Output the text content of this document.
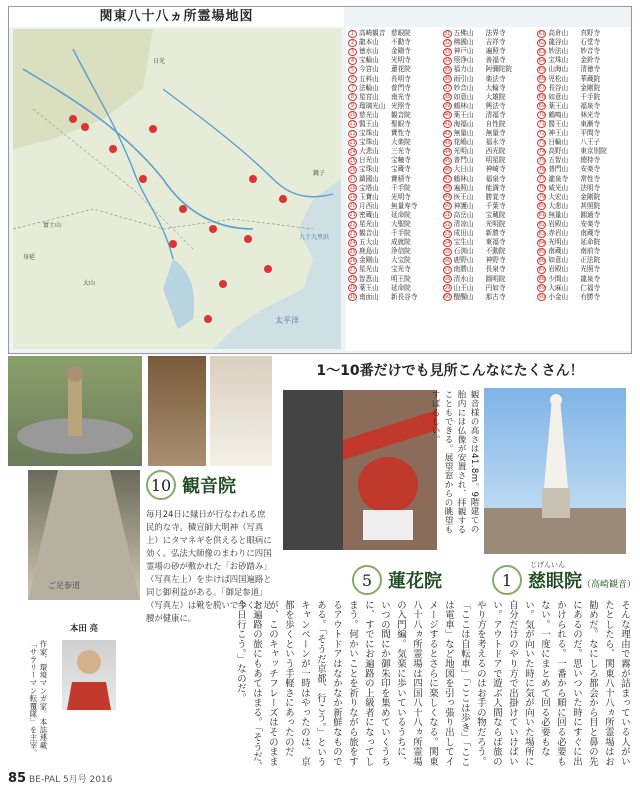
関東八十八ヵ所霊場地図
太平洋
九十九里浜
銚子
日光
大山
身延
富士山
1 高崎観音 慈眼院
2 龍本山	不動寺
3 徳水山	金剛寺
4 宝輪山	光明寺
5 今宮山	蓮花院
6 五料山	長明寺
7 法輪山	普門寺
8 星宮山	南光寺
9 瑠璃光山 光照寺
10 慈光山	観音院
11 醫王山	聖眼寺
12 宝珠山	寶性寺
13 宝珠山	大楽院
14 大悲山	三光寺
15 日光山	宝幢寺
16 宝珠山	宝蔵寺
17 鎮國山	寶積寺
18 宝塔山	千手院
19 玉寶山	光明寺
20 月西山	無量寿寺
21 密蔵山	延命院
22 星光山	大聖院
23 観音山	千手院
24 五大山	成就院
25 鹿島山	浄信院
26 金剛山	大宝院
27 星光山	宝光寺
28 智恵山	明王院
29 薬王山	延命院
30 南面山	新長谷寺
31 五佛山	法界寺
32 佛國山	吉祥寺
33 神戸山	遍照寺
34 照浄山	善福寺
35 福力山	阿彌陀院
36 雨引山	楽法寺
37 妙音山	大輪寺
38 如意山	大雄院
39 鶴林山	興法寺
40 薬王山	清福寺
41 海福山	自性院
42 無量山	無量寺
43 花嶋山	福永寺
44 光明山	西光院
45 普門山	明星院
46 大日山	神崎寺
47 鶴林山	福泉寺
48 遍照山	能満寺
49 医王山	勝覚寺
50 神護山	千葉寺
51 高岳山	宝蔵院
52 清凉山	光明院
53 成田山	新勝寺
54 宝生山	東福寺
55 石渕山	不動院
56 鹿野山	神野寺
57 南勝山	長泉寺
58 清水山	圓明院
59 山王山	円如寺
60 醍醐山	那古寺
61 高倉山	真野寺
62 龍谷山	石堂寺
63 妙法山	妙音寺
64 宝珠山	金鈴寺
65 山海山	清徳寺
66 児松山	華蔵院
67 長谷山	金剛院
68 如意山	千手院
69 薬王山	福泉寺
70 鶴鳴山	林光寺
71 醫王山	東漸寺
72 神王山	平間寺
73 日輪山	八王子
74 高野山	東京別院
75 五智山	總持寺
76 普門山	安楽寺
77 瀧泉寺	常性寺
78 威光山	法明寺
79 大宏山	金剛院
80 大悲山	甚照院
81 無量山	圓通寺
82 岩殿山	安楽寺
83 赤岩山	南蔵寺
84 光明山	延命院
85 南蔵山	南前寺
86 如意山	正法院
87 岩殿山	光照寺
88 少間山	龍泉寺
89 大麻山	仁福寺
90 小金山	有勝寺
1〜10番だけでも見所こんなにたくさん！
ご足参道
10 観音院
毎月24日に縁日が行なわれる庶民的な寺。穢宣師大明神（写真上）にタマネギを供えると眼病に効く。弘法大師像のまわりに四国霊場の砂が敷かれた「お砂踏み」（写真左上）を歩けば四国遍路と同じ御利益がある。「御足参道」（写真左）は靴を脱いで歩くと足腰が健康に。
作家、環境マンガ家。本誌連載「サラリーマン転覆隊」を主宰。
本田 亮
5 蓮花院
観音様の高さは41.8m。9階建ての胎内には仏像が安置され、拝観することもできる。展望窓からの眺望もすばらしい。
1
じげんいん
慈眼院（高崎観音）
そんな理由で霧が詰まっている人がいたとしたら、関東八十八ヵ所霊場はお勧めだ。なにしろ都会から目と鼻の先にあるのだ。思いついた時にすぐに出かけられる。一番から順に回る必要もない。一度にまとめて回る必要もない。気が向いた時に気が向いた場所に自分だけのやり方で出掛けていけばいい。アウトドアで遊ぶ人間ならば旅のやり方を考えるのはお手の物だろう。「ここは自転車」「ここは歩き」「ここは電車」など地図を引っ張り出してイメージするとさらに楽しくなる。関東八十八ヵ所霊場は四国八十八ヵ所霊場の入門編。気楽に歩いているうちに、いつの間にか御朱印を集めていくうちに、すでにお遍路の上級者になってしまう。何かいことを祈りながら旅をするアウトドアはなかなか新鮮なものである。「そうだ京都、行こう。」というキャンペーンが一時はやったのは、京都を歩くという手軽さにあったのだが、このキャッチフレーズはそのままお遍路の旅にもあてはまる。「そうだ、今日行こう。」なのだ。
85 BE-PAL 5月号 2016
